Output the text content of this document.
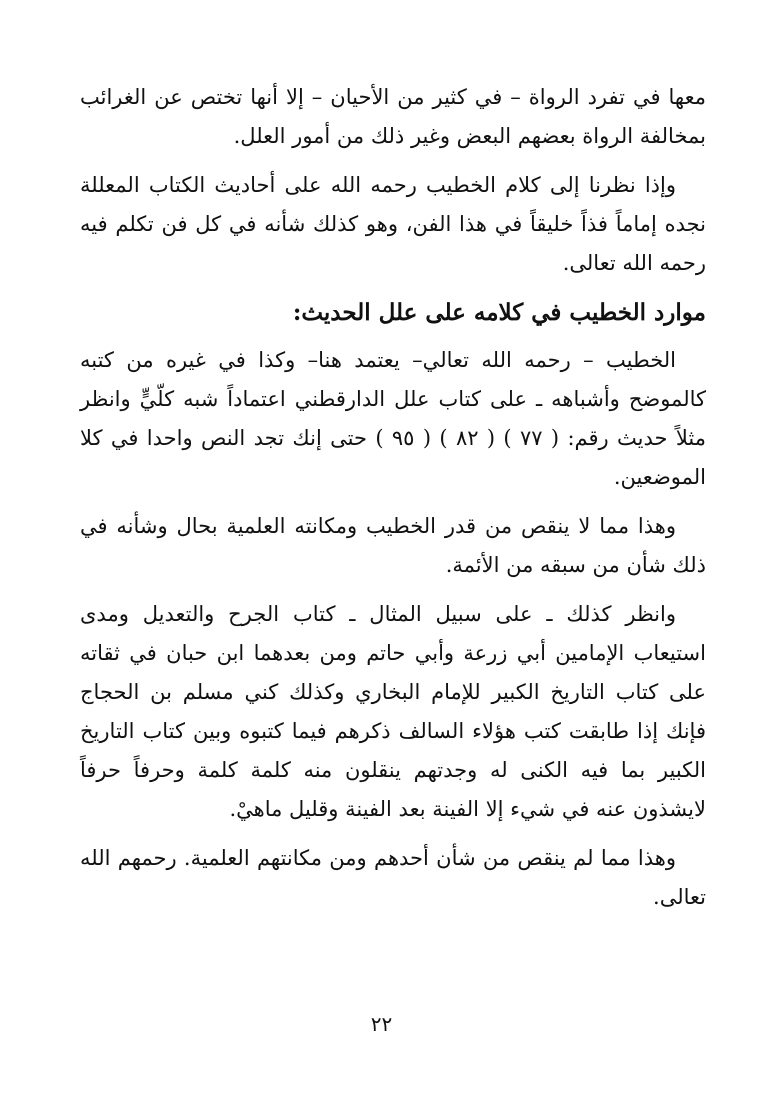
معها في تفرد الرواة – في كثير من الأحيان – إلا أنها تختص عن الغرائب بمخالفة الرواة بعضهم البعض وغير ذلك من أمور العلل.

وإذا نظرنا إلى كلام الخطيب رحمه الله على أحاديث الكتاب المعللة نجده إماماً فذاً خليقاً في هذا الفن، وهو كذلك شأنه في كل فن تكلم فيه رحمه الله تعالى.

موارد الخطيب في كلامه على علل الحديث:

الخطيب – رحمه الله تعالي– يعتمد هنا– وكذا في غيره من كتبه كالموضح وأشباهه ـ على كتاب علل الدارقطني اعتماداً شبه كلّيٍّ وانظر مثلاً حديث رقم: ( ٧٧ ) ( ٨٢ ) ( ٩٥ ) حتى إنك تجد النص واحدا في كلا الموضعين.

وهذا مما لا ينقص من قدر الخطيب ومكانته العلمية بحال وشأنه في ذلك شأن من سبقه من الأئمة.

وانظر كذلك ـ على سبيل المثال ـ كتاب الجرح والتعديل ومدى استيعاب الإمامين أبي زرعة وأبي حاتم ومن بعدهما ابن حبان في ثقاته على كتاب التاريخ الكبير للإمام البخاري وكذلك كني مسلم بن الحجاج فإنك إذا طابقت كتب هؤلاء السالف ذكرهم فيما كتبوه وبين كتاب التاريخ الكبير بما فيه الكنى له وجدتهم ينقلون منه كلمة كلمة وحرفاً حرفاً لايشذون عنه في شيء إلا الفينة بعد الفينة وقليل ماهيْ.

وهذا مما لم ينقص من شأن أحدهم ومن مكانتهم العلمية. رحمهم الله تعالى.

٢٢
